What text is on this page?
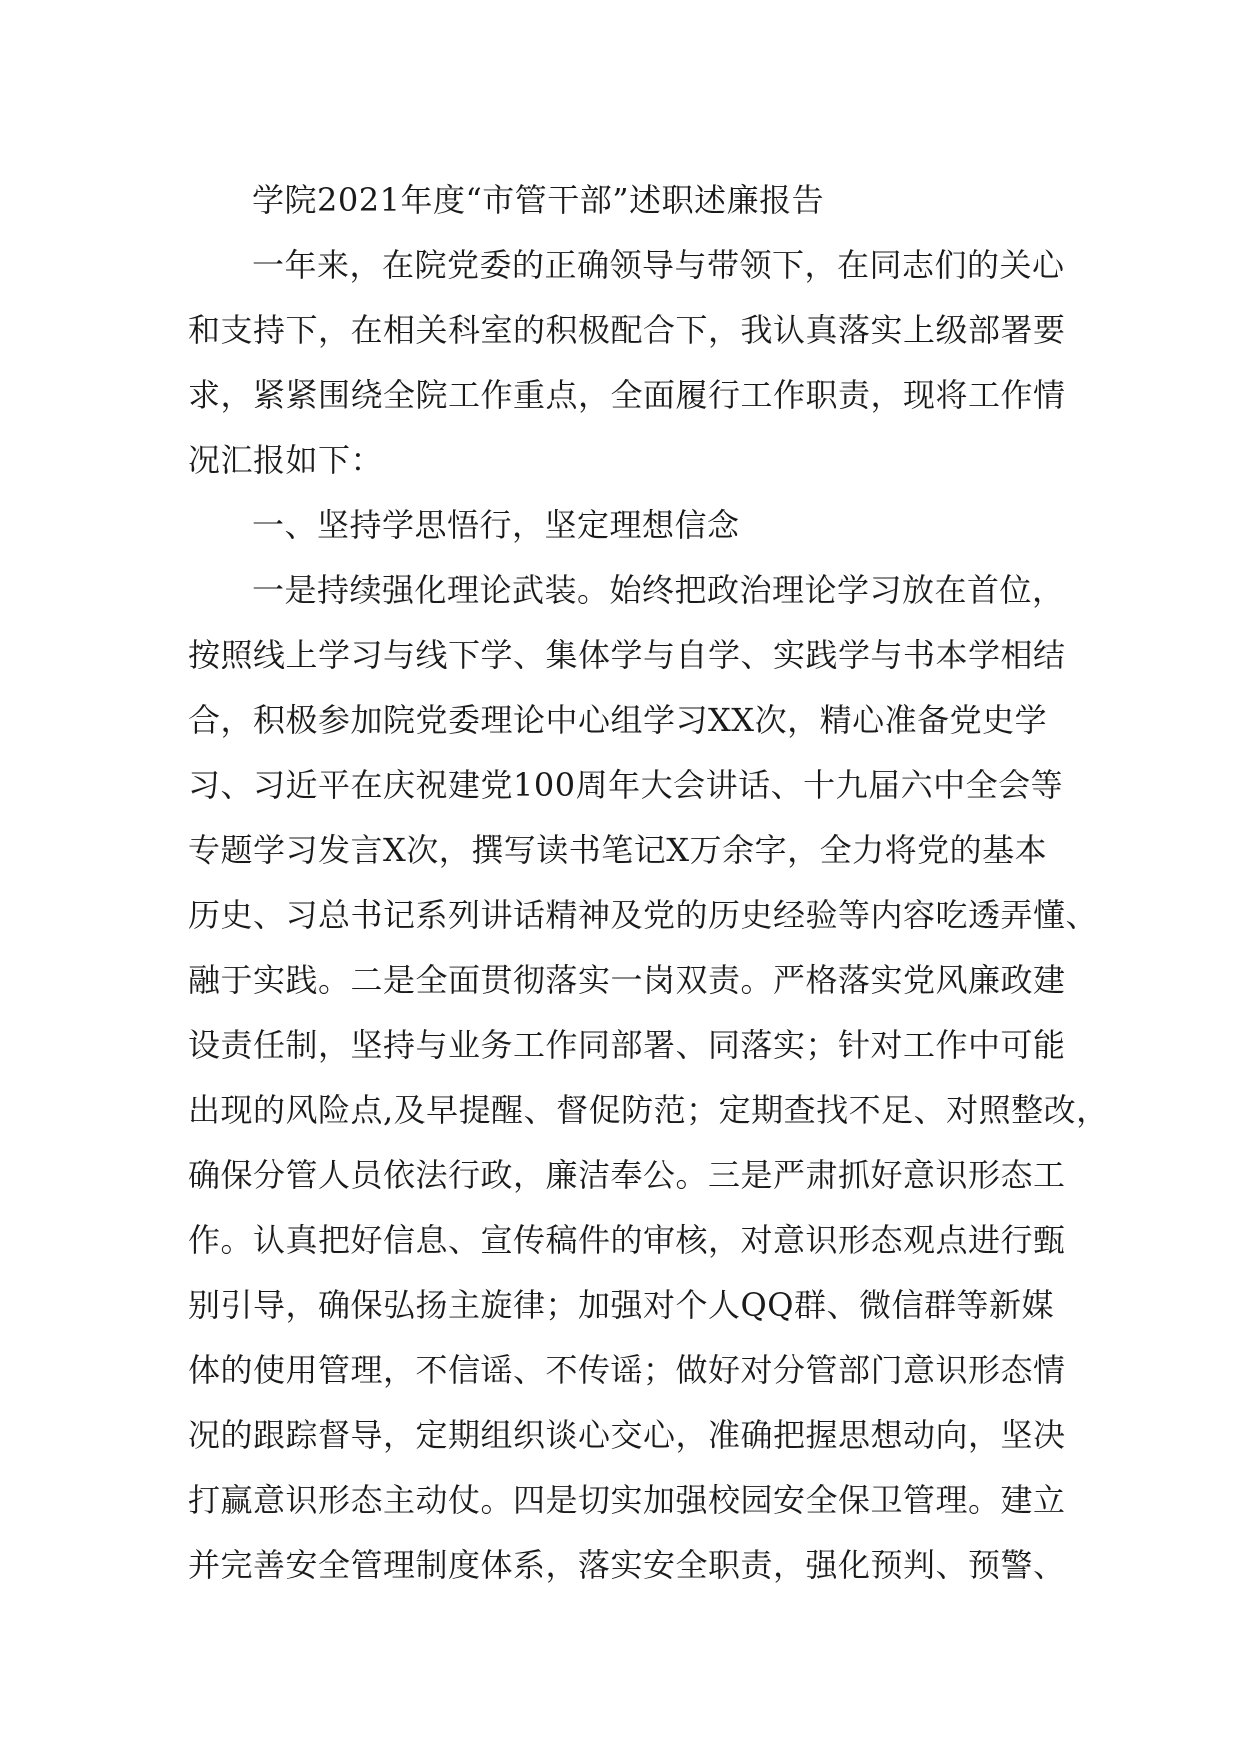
学院2021年度“市管干部”述职述廉报告
一年来，在院党委的正确领导与带领下，在同志们的关心
和支持下，在相关科室的积极配合下，我认真落实上级部署要
求，紧紧围绕全院工作重点，全面履行工作职责，现将工作情
况汇报如下：
一、坚持学思悟行，坚定理想信念
一是持续强化理论武装。始终把政治理论学习放在首位，
按照线上学习与线下学、集体学与自学、实践学与书本学相结
合，积极参加院党委理论中心组学习XX次，精心准备党史学
习、习近平在庆祝建党100周年大会讲话、十九届六中全会等
专题学习发言X次，撰写读书笔记X万余字，全力将党的基本
历史、习总书记系列讲话精神及党的历史经验等内容吃透弄懂、
融于实践。二是全面贯彻落实一岗双责。严格落实党风廉政建
设责任制，坚持与业务工作同部署、同落实；针对工作中可能
出现的风险点,及早提醒、督促防范；定期查找不足、对照整改，
确保分管人员依法行政，廉洁奉公。三是严肃抓好意识形态工
作。认真把好信息、宣传稿件的审核，对意识形态观点进行甄
别引导，确保弘扬主旋律；加强对个人QQ群、微信群等新媒
体的使用管理，不信谣、不传谣；做好对分管部门意识形态情
况的跟踪督导，定期组织谈心交心，准确把握思想动向，坚决
打赢意识形态主动仗。四是切实加强校园安全保卫管理。建立
并完善安全管理制度体系，落实安全职责，强化预判、预警、
